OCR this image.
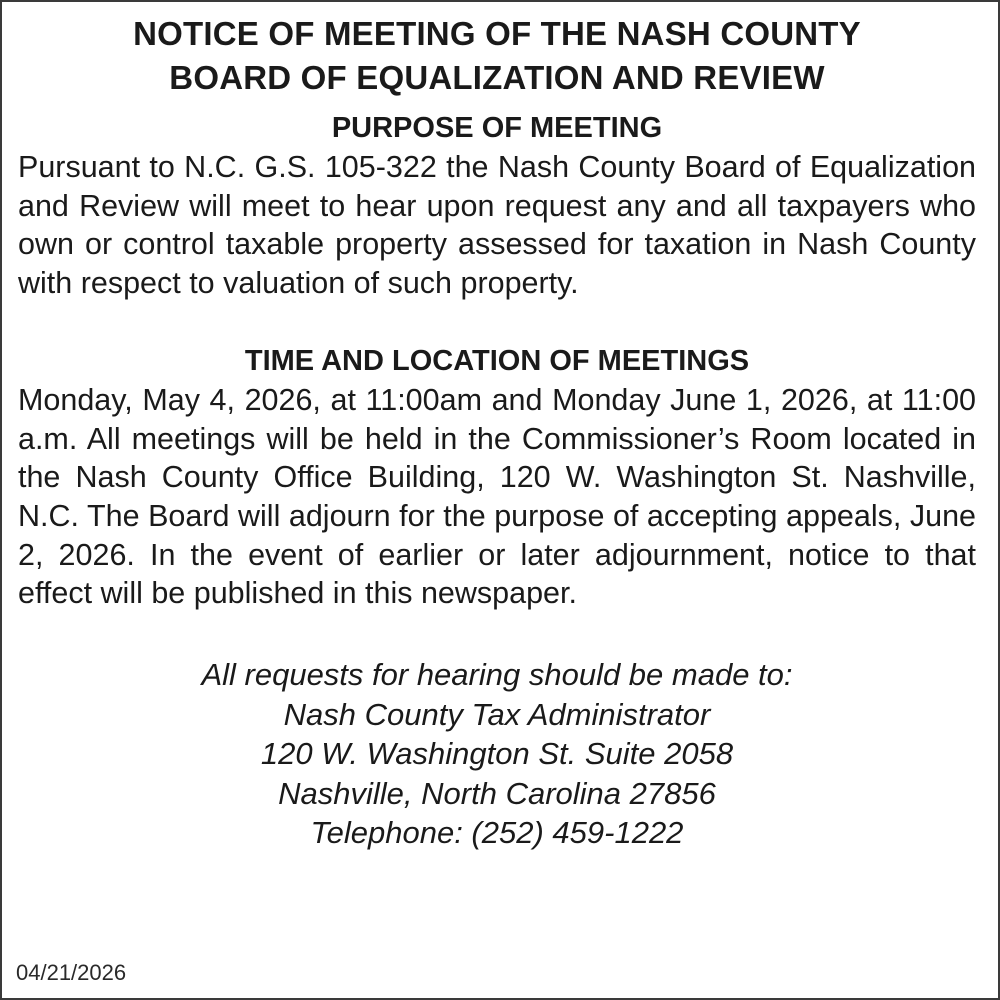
NOTICE OF MEETING OF THE NASH COUNTY
BOARD OF EQUALIZATION AND REVIEW
PURPOSE OF MEETING

Pursuant to N.C. G.S. 105-322 the Nash County Board of Equalization and Review will meet to hear upon request any and all taxpayers who own or control taxable property assessed for taxation in Nash County with respect to valuation of such property.

TIME AND LOCATION OF MEETINGS

Monday, May 4, 2026, at 11:00am and Monday June 1, 2026, at 11:00 a.m. All meetings will be held in the Commissioner’s Room located in the Nash County Office Building, 120 W. Washington St. Nashville, N.C. The Board will adjourn for the purpose of accepting appeals, June 2, 2026. In the event of earlier or later adjournment, notice to that effect will be published in this newspaper.

All requests for hearing should be made to:
Nash County Tax Administrator
120 W. Washington St. Suite 2058
Nashville, North Carolina 27856
Telephone: (252) 459-1222
04/21/2026
